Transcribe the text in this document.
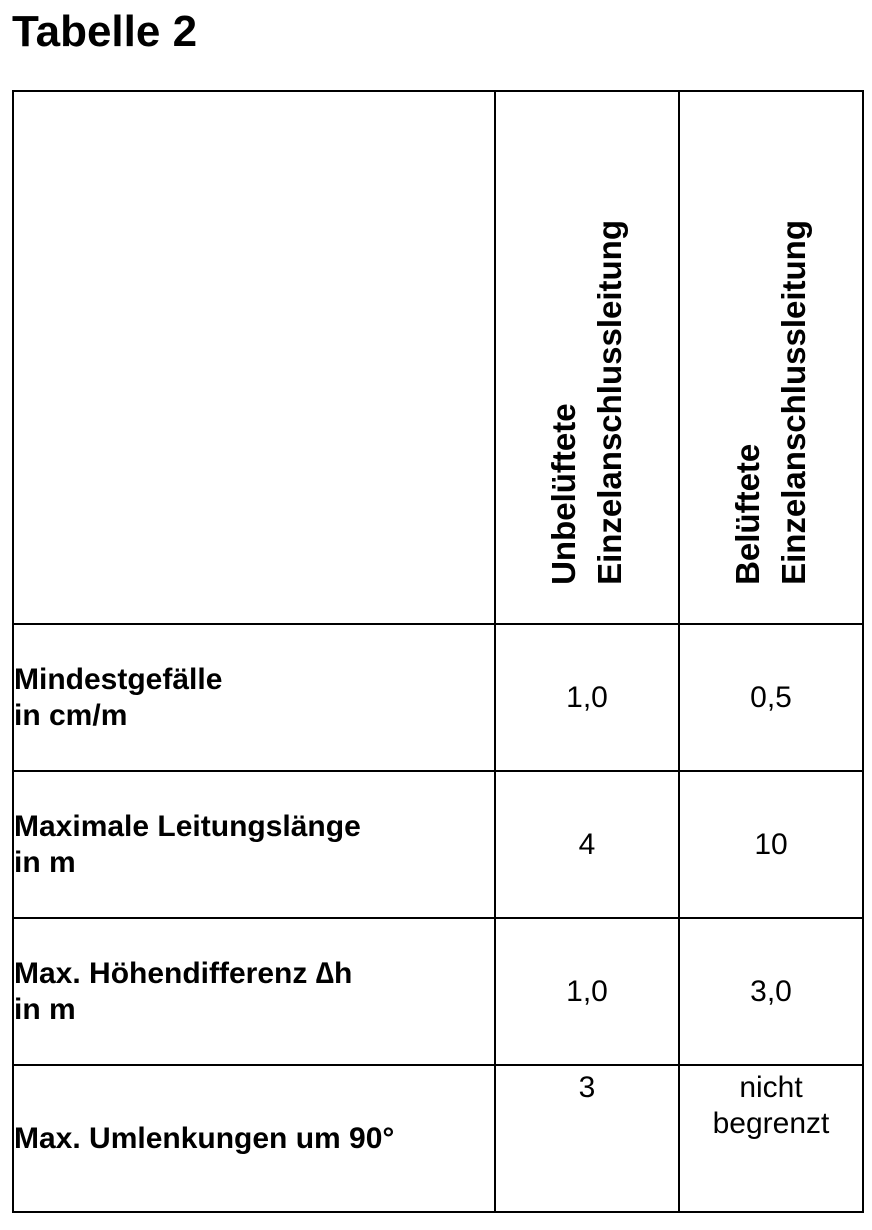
Tabelle 2

	Unbelüftete Einzelanschlussleitung	Belüftete Einzelanschlussleitung

Mindestgefälle
in cm/m	1,0	0,5

Maximale Leitungslänge
in m	4	10

Max. Höhendifferenz ∆h
in m	1,0	3,0

Max. Umlenkungen um 90°	3	nicht
begrenzt
